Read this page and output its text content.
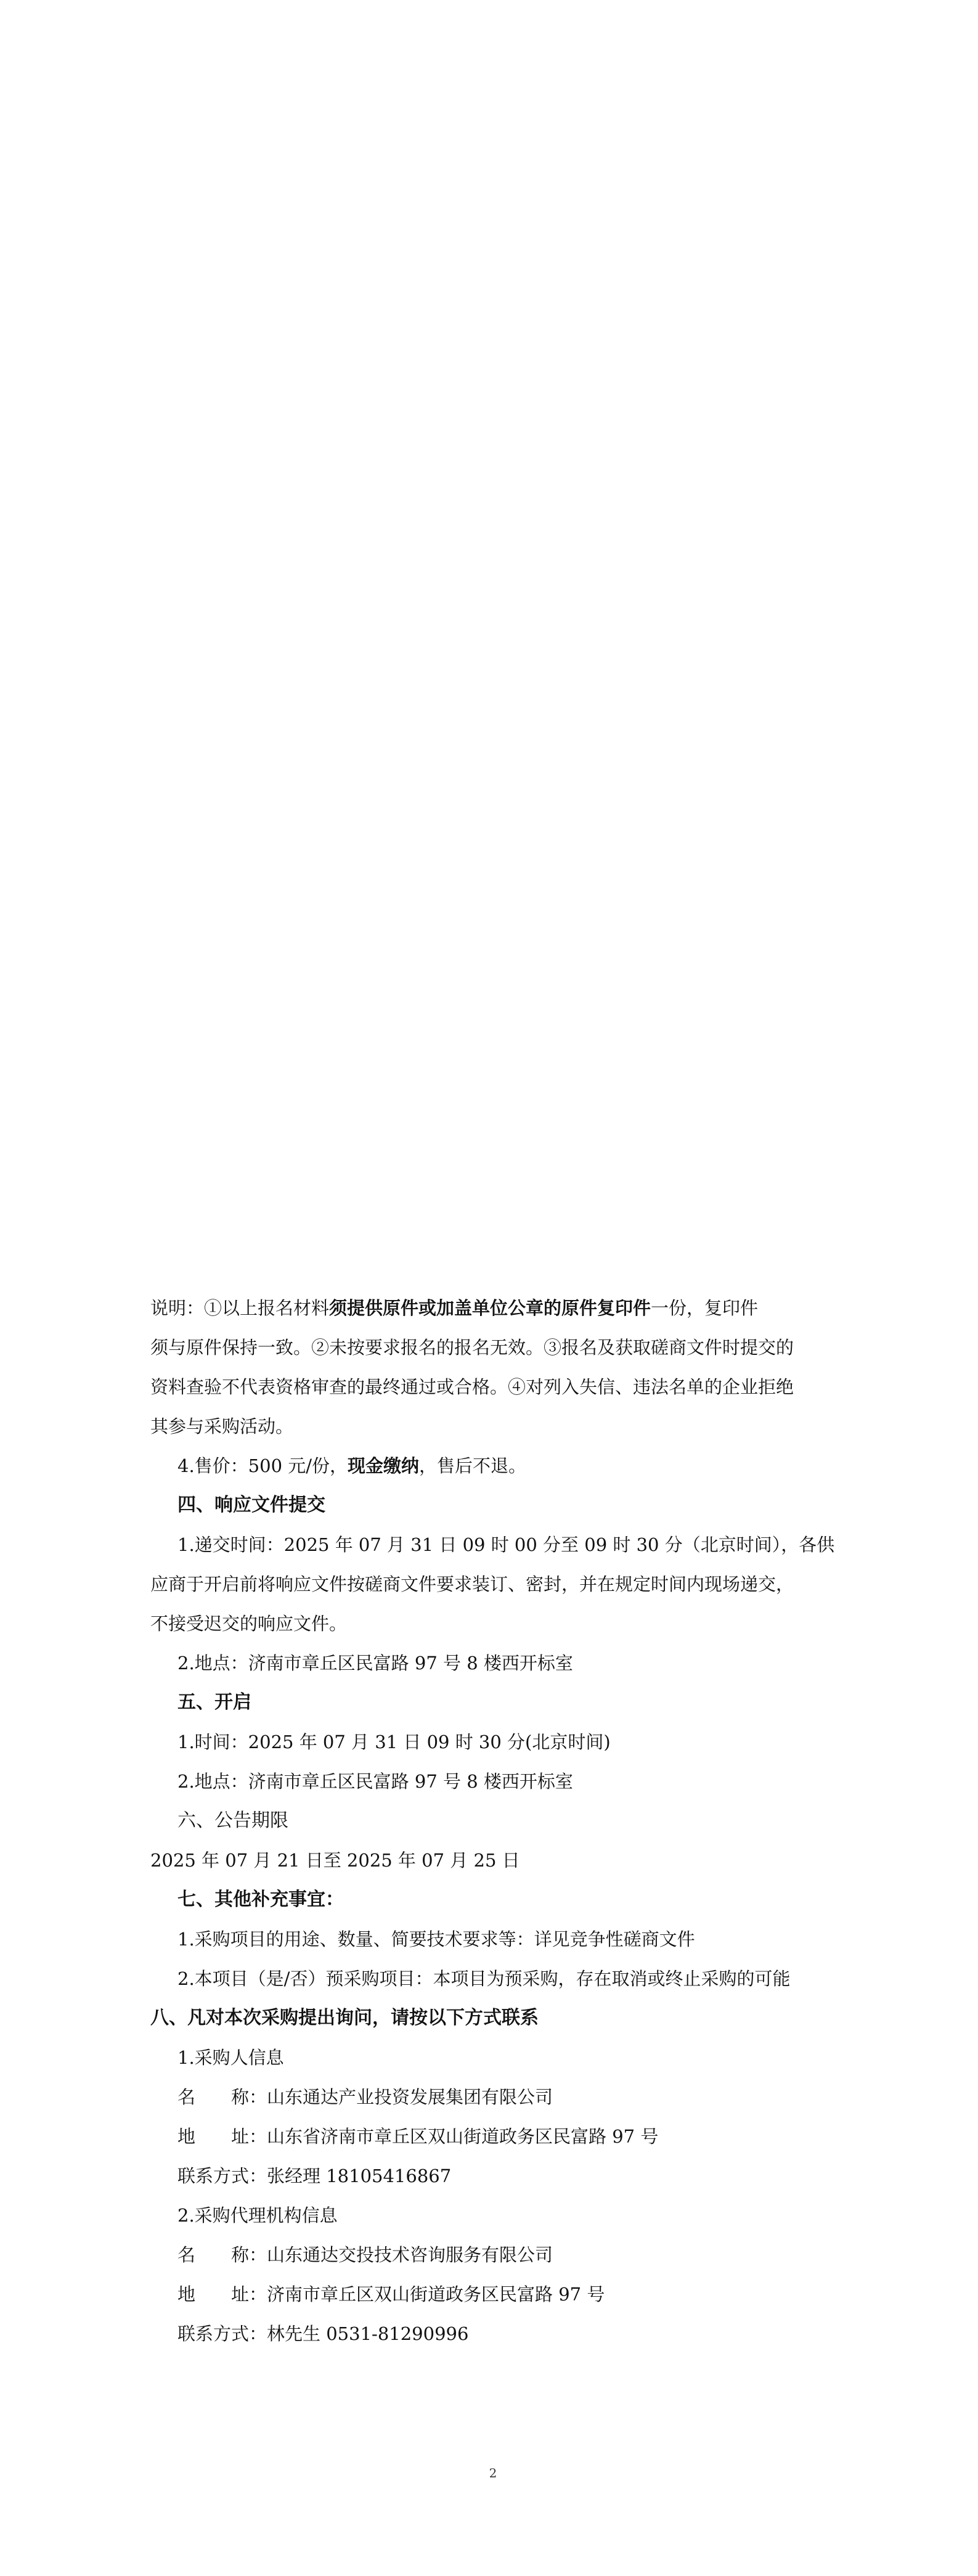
说明：①以上报名材料须提供原件或加盖单位公章的原件复印件一份，复印件

须与原件保持一致。②未按要求报名的报名无效。③报名及获取磋商文件时提交的

资料查验不代表资格审查的最终通过或合格。④对列入失信、违法名单的企业拒绝

其参与采购活动。

4.售价：500 元/份，现金缴纳，售后不退。

四、响应文件提交

1.递交时间：2025 年 07 月 31 日 09 时 00 分至 09 时 30 分（北京时间），各供

应商于开启前将响应文件按磋商文件要求装订、密封，并在规定时间内现场递交，

不接受迟交的响应文件。

2.地点：济南市章丘区民富路 97 号 8 楼西开标室

五、开启

1.时间：2025 年 07 月 31 日 09 时 30 分(北京时间)

2.地点：济南市章丘区民富路 97 号 8 楼西开标室

六、公告期限

2025 年 07 月 21 日至 2025 年 07 月 25 日

七、其他补充事宜：

1.采购项目的用途、数量、简要技术要求等：详见竞争性磋商文件

2.本项目（是/否）预采购项目：本项目为预采购，存在取消或终止采购的可能

八、凡对本次采购提出询问，请按以下方式联系

1.采购人信息

名　　称：山东通达产业投资发展集团有限公司

地　　址：山东省济南市章丘区双山街道政务区民富路 97 号

联系方式：张经理 18105416867

2.采购代理机构信息

名　　称：山东通达交投技术咨询服务有限公司

地　　址：济南市章丘区双山街道政务区民富路 97 号

联系方式：林先生 0531-81290996

2
